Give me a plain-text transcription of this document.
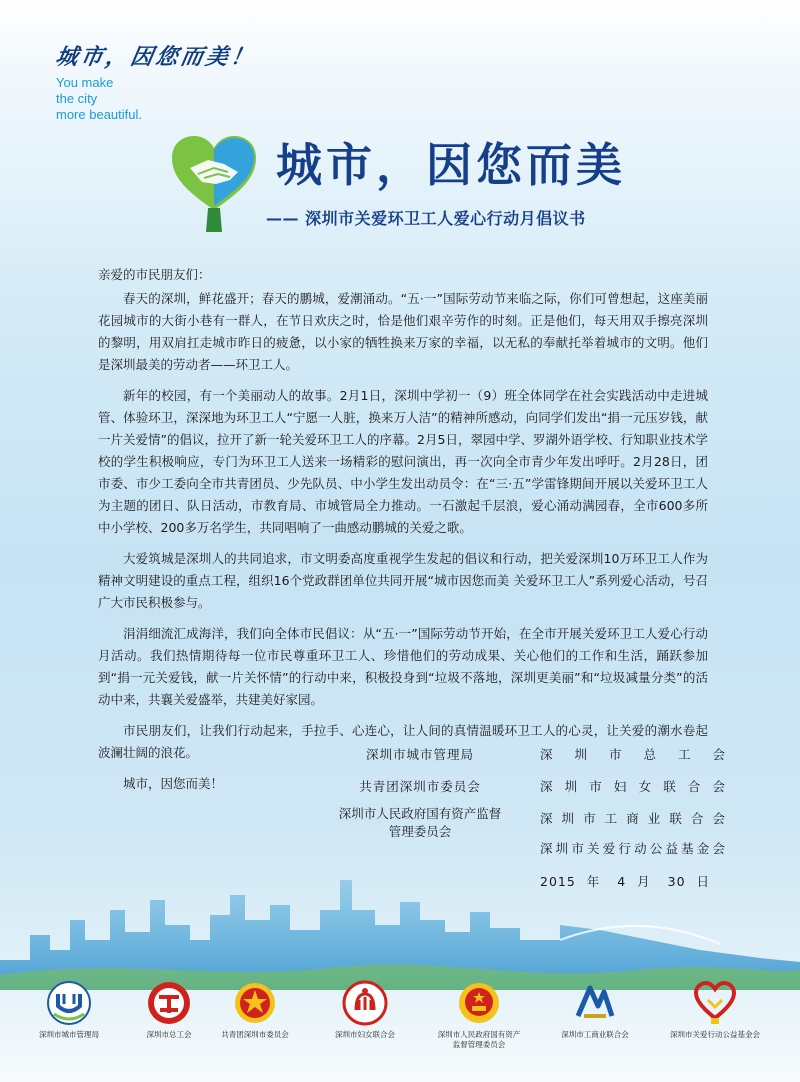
城市，因您而美！
You make
the city
more beautiful.
城市，因您而美
—— 深圳市关爱环卫工人爱心行动月倡议书

亲爱的市民朋友们：

春天的深圳，鲜花盛开；春天的鹏城，爱潮涌动。“五·一”国际劳动节来临之际，你们可曾想起，这座美丽花园城市的大街小巷有一群人，在节日欢庆之时，恰是他们艰辛劳作的时刻。正是他们，每天用双手擦亮深圳的黎明，用双肩扛走城市昨日的疲惫，以小家的牺牲换来万家的幸福，以无私的奉献托举着城市的文明。他们是深圳最美的劳动者——环卫工人。

新年的校园，有一个美丽动人的故事。2月1日，深圳中学初一（9）班全体同学在社会实践活动中走进城管、体验环卫，深深地为环卫工人“宁愿一人脏，换来万人洁”的精神所感动，向同学们发出“捐一元压岁钱，献一片关爱情”的倡议，拉开了新一轮关爱环卫工人的序幕。2月5日，翠园中学、罗湖外语学校、行知职业技术学校的学生积极响应，专门为环卫工人送来一场精彩的慰问演出，再一次向全市青少年发出呼吁。2月28日，团市委、市少工委向全市共青团员、少先队员、中小学生发出动员令：在“三·五”学雷锋期间开展以关爱环卫工人为主题的团日、队日活动，市教育局、市城管局全力推动。一石激起千层浪，爱心涌动满园春，全市600多所中小学校、200多万名学生，共同唱响了一曲感动鹏城的关爱之歌。

大爱筑城是深圳人的共同追求，市文明委高度重视学生发起的倡议和行动，把关爱深圳10万环卫工人作为精神文明建设的重点工程，组织16个党政群团单位共同开展“城市因您而美 关爱环卫工人”系列爱心活动，号召广大市民积极参与。

涓涓细流汇成海洋，我们向全体市民倡议：从“五·一”国际劳动节开始，在全市开展关爱环卫工人爱心行动月活动。我们热情期待每一位市民尊重环卫工人、珍惜他们的劳动成果、关心他们的工作和生活，踊跃参加到“捐一元关爱钱，献一片关怀情”的行动中来，积极投身到“垃圾不落地，深圳更美丽”和“垃圾减量分类”的活动中来，共襄关爱盛举，共建美好家园。

市民朋友们，让我们行动起来，手拉手、心连心，让人间的真情温暖环卫工人的心灵，让关爱的潮水卷起波澜壮阔的浪花。

城市，因您而美！

深圳市城市管理局
共青团深圳市委员会
深圳市人民政府国有资产监督管理委员会
深圳市总工会
深圳市妇女联合会
深圳市工商业联合会
深圳市关爱行动公益基金会
2015 年 4 月 30 日
深圳市城市管理局	深圳市总工会	共青团深圳市委员会	深圳市妇女联合会	深圳市人民政府国有资产
监督管理委员会
深圳市工商业联合会	深圳市关爱行动公益基金会
